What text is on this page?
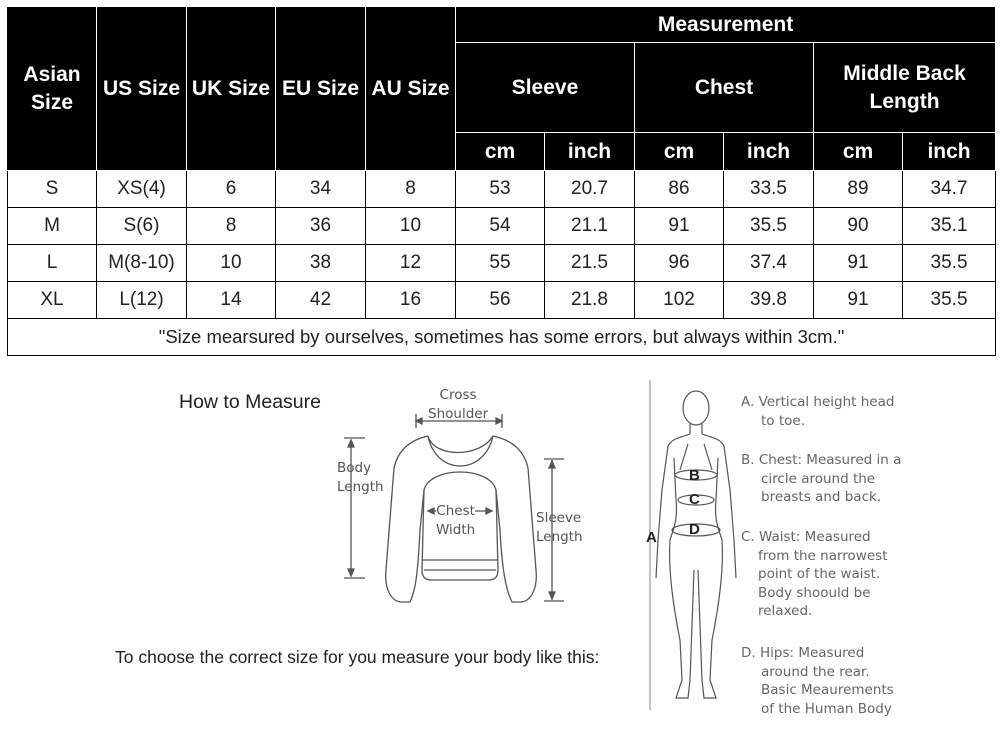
Asian Size	US Size	UK Size	EU Size	AU Size	Measurement					
					Sleeve		Chest		Middle Back Length	
					cm	inch	cm	inch	cm	inch
S	XS(4)	6	34	8	53	20.7	86	33.5	89	34.7
M	S(6)	8	36	10	54	21.1	91	35.5	90	35.1
L	M(8-10)	10	38	12	55	21.5	96	37.4	91	35.5
XL	L(12)	14	42	16	56	21.8	102	39.8	91	35.5
"Size mearsured by ourselves, sometimes has some errors, but always within 3cm."										
How to Measure
To choose the correct size for you measure your body like this:
Cross
Shoulder
Body
Length
Chest
Width
Sleeve
Length
B
C
D
A
A. Vertical height head
to toe.
B. Chest: Measured in a
circle around the
breasts and back.
C. Waist: Measured
from the narrowest
point of the waist.
Body shoould be
relaxed.
D. Hips: Measured
around the rear.
Basic Meaurements
of the Human Body
